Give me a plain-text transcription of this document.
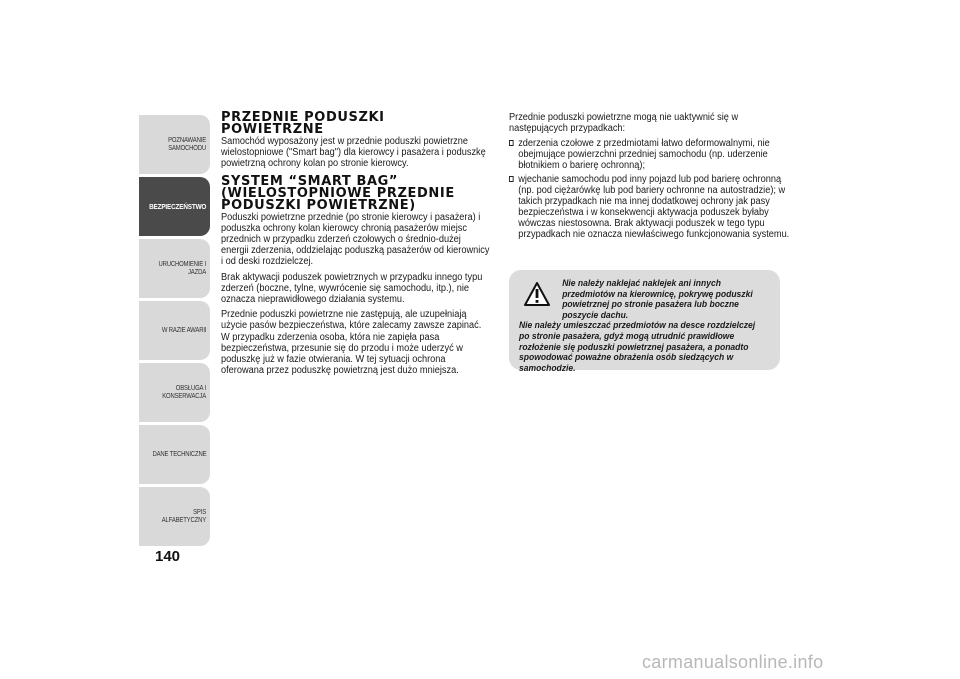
POZNAWANIE SAMOCHODU
BEZPIECZEŃSTWO
URUCHOMIENIE I JAZDA
W RAZIE AWARII
OBSŁUGA I KONSERWACJA
DANE TECHNICZNE
SPIS ALFABETYCZNY
140
PRZEDNIE PODUSZKI POWIETRZNE

Samochód wyposażony jest w przednie poduszki powietrzne wielostopniowe ("Smart bag") dla kierowcy i pasażera i poduszkę powietrzną ochrony kolan po stronie kierowcy.

SYSTEM “SMART BAG” (WIELOSTOPNIOWE PRZEDNIE PODUSZKI POWIETRZNE)

Poduszki powietrzne przednie (po stronie kierowcy i pasażera) i poduszka ochrony kolan kierowcy chronią pasażerów miejsc przednich w przypadku zderzeń czołowych o średnio-dużej energii zderzenia, oddzielając poduszką pasażerów od kierownicy i od deski rozdzielczej.

Brak aktywacji poduszek powietrznych w przypadku innego typu zderzeń (boczne, tylne, wywrócenie się samochodu, itp.), nie oznacza nieprawidłowego działania systemu.

Przednie poduszki powietrzne nie zastępują, ale uzupełniają użycie pasów bezpieczeństwa, które zalecamy zawsze zapinać. W przypadku zderzenia osoba, która nie zapięła pasa bezpieczeństwa, przesunie się do przodu i może uderzyć w poduszkę już w fazie otwierania. W tej sytuacji ochrona oferowana przez poduszkę powietrzną jest dużo mniejsza.

Przednie poduszki powietrzne mogą nie uaktywnić się w następujących przypadkach:

zderzenia czołowe z przedmiotami łatwo deformowalnymi, nie obejmujące powierzchni przedniej samochodu (np. uderzenie błotnikiem o barierę ochronną);
wjechanie samochodu pod inny pojazd lub pod barierę ochronną (np. pod ciężarówkę lub pod bariery ochronne na autostradzie); w takich przypadkach nie ma innej dodatkowej ochrony jak pasy bezpieczeństwa i w konsekwencji aktywacja poduszek byłaby wówczas niestosowna. Brak aktywacji poduszek w tego typu przypadkach nie oznacza niewłaściwego funkcjonowania systemu.
Nie należy naklejać naklejek ani innych przedmiotów na kierownicę, pokrywę poduszki powietrznej po stronie pasażera lub boczne poszycie dachu.
Nie należy umieszczać przedmiotów na desce rozdzielczej po stronie pasażera, gdyż mogą utrudnić prawidłowe rozłożenie się poduszki powietrznej pasażera, a ponadto spowodować poważne obrażenia osób siedzących w samochodzie.
carmanualsonline.info
